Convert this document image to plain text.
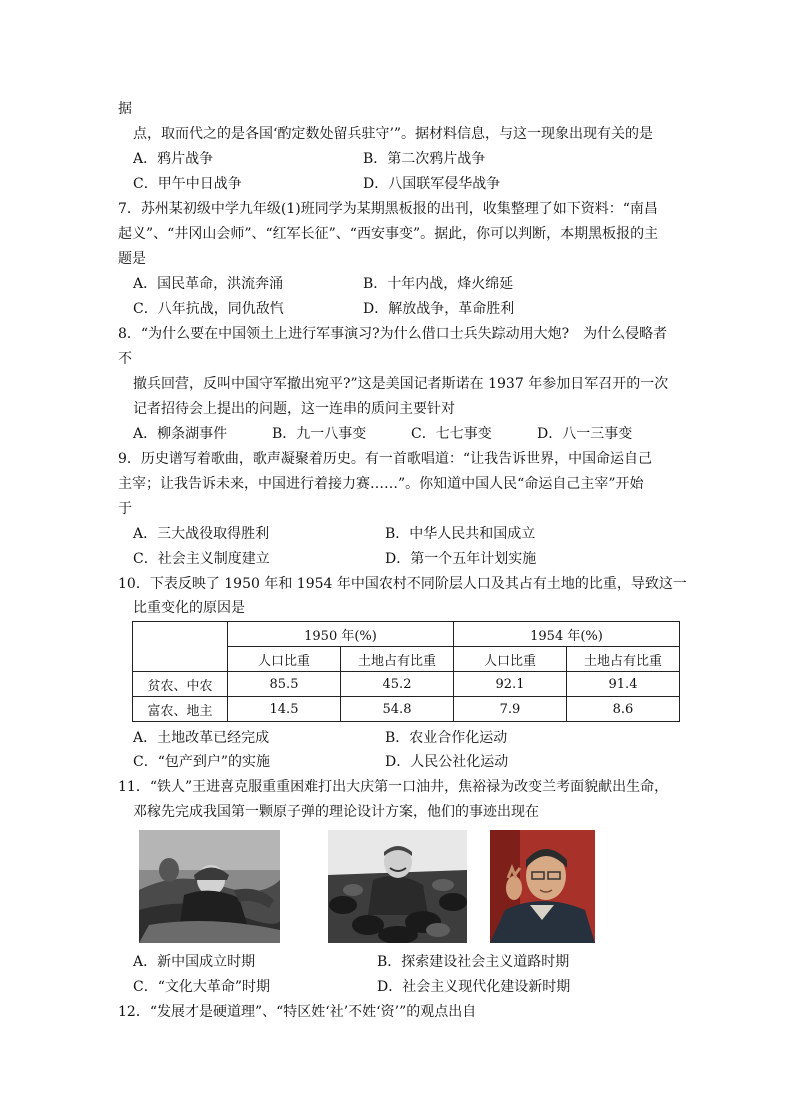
据
点，取而代之的是各国‘酌定数处留兵驻守’”。据材料信息，与这一现象出现有关的是
A．鸦片战争	B．第二次鸦片战争
C．甲午中日战争	D．八国联军侵华战争
7．苏州某初级中学九年级(1)班同学为某期黑板报的出刊，收集整理了如下资料：“南昌
起义”、“井冈山会师”、“红军长征”、“西安事变”。据此，你可以判断，本期黑板报的主
题是
A．国民革命，洪流奔涌	B．十年内战，烽火绵延
C．八年抗战，同仇敌忾	D．解放战争，革命胜利
8．“为什么要在中国领土上进行军事演习?为什么借口士兵失踪动用大炮?　为什么侵略者
不
撤兵回营，反叫中国守军撤出宛平?”这是美国记者斯诺在 1937 年参加日军召开的一次
记者招待会上提出的问题，这一连串的质问主要针对
A．柳条湖事件	B．九一八事变	C．七七事变	D．八一三事变
9．历史谱写着歌曲，歌声凝聚着历史。有一首歌唱道：“让我告诉世界，中国命运自己
主宰；让我告诉未来，中国进行着接力赛……”。你知道中国人民“命运自己主宰”开始
于
A．三大战役取得胜利	B．中华人民共和国成立
C．社会主义制度建立	D．第一个五年计划实施
10．下表反映了 1950 年和 1954 年中国农村不同阶层人口及其占有土地的比重，导致这一
比重变化的原因是
	1950 年(%)		1954 年(%)	
	人口比重	土地占有比重	人口比重	土地占有比重
贫农、中农	85.5	45.2	92.1	91.4
富农、地主	14.5	54.8	7.9	8.6
A．土地改革已经完成	B．农业合作化运动
C．“包产到户”的实施	D．人民公社化运动
11．“铁人”王进喜克服重重困难打出大庆第一口油井，焦裕禄为改变兰考面貌献出生命，
邓稼先完成我国第一颗原子弹的理论设计方案，他们的事迹出现在
A．新中国成立时期	B．探索建设社会主义道路时期
C．“文化大革命”时期	D．社会主义现代化建设新时期
12．“发展才是硬道理”、“特区姓‘社’不姓‘资’”的观点出自
